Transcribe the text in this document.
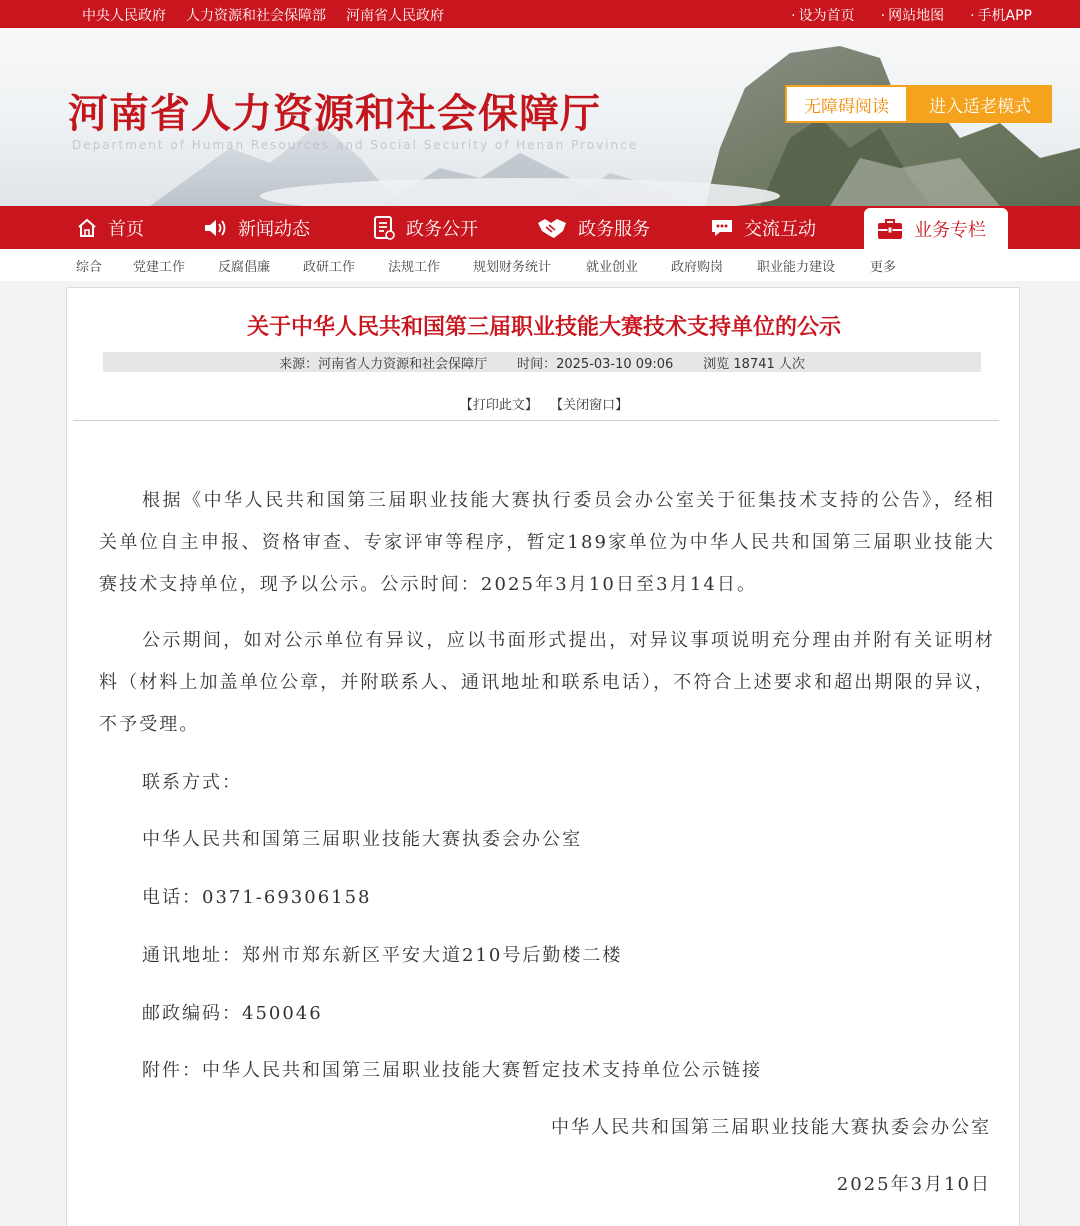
中央人民政府 人力资源和社会保障部 河南省人民政府	· 设为首页	· 网站地图	· 手机APP
河南省人力资源和社会保障厅
Department of Human Resources and Social Security of Henan Province
无障碍阅读	进入适老模式
首页	新闻动态	政务公开	政务服务	交流互动	业务专栏
综合 党建工作	反腐倡廉	政研工作	法规工作	规划财务统计	就业创业	政府购岗	职业能力建设	更多
关于中华人民共和国第三届职业技能大赛技术支持单位的公示
来源：河南省人力资源和社会保障厅 时间：2025-03-10 09:06 浏览 18741 人次
【打印此文】 【关闭窗口】

根据《中华人民共和国第三届职业技能大赛执行委员会办公室关于征集技术支持的公告》，经相关单位自主申报、资格审查、专家评审等程序，暂定189家单位为中华人民共和国第三届职业技能大赛技术支持单位，现予以公示。公示时间：2025年3月10日至3月14日。

公示期间，如对公示单位有异议，应以书面形式提出，对异议事项说明充分理由并附有关证明材料（材料上加盖单位公章，并附联系人、通讯地址和联系电话），不符合上述要求和超出期限的异议，不予受理。

联系方式：
中华人民共和国第三届职业技能大赛执委会办公室
电话：0371-69306158
通讯地址：郑州市郑东新区平安大道210号后勤楼二楼
邮政编码：450046
附件：中华人民共和国第三届职业技能大赛暂定技术支持单位公示链接
中华人民共和国第三届职业技能大赛执委会办公室
2025年3月10日
